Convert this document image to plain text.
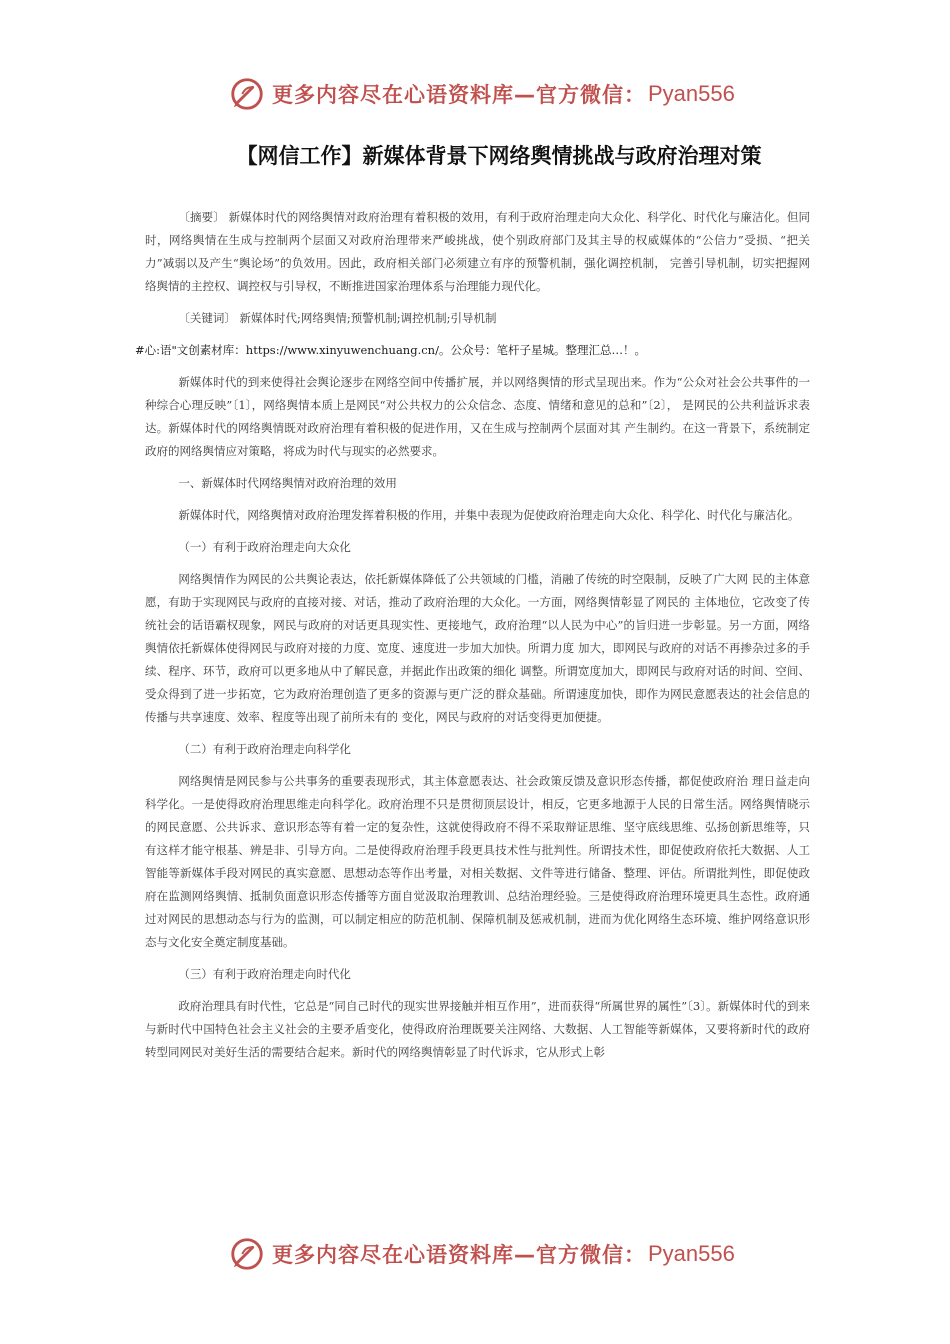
更多内容尽在心语资料库—官方微信： Pyan556
【网信工作】新媒体背景下网络舆情挑战与政府治理对策

〔摘要〕 新媒体时代的网络舆情对政府治理有着积极的效用，有利于政府治理走向大众化、科学化、时代化与廉洁化。但同时，网络舆情在生成与控制两个层面又对政府治理带来严峻挑战，使个别政府部门及其主导的权威媒体的“公信力”受损、“把关力”减弱以及产生“舆论场”的负效用。因此，政府相关部门必须建立有序的预警机制，强化调控机制， 完善引导机制，切实把握网络舆情的主控权、调控权与引导权，不断推进国家治理体系与治理能力现代化。

〔关键词〕 新媒体时代;网络舆情;预警机制;调控机制;引导机制

#心:语"文创素材库：https://www.xinyuwenchuang.cn/。公众号：笔杆子星城。整理汇总…！。

新媒体时代的到来使得社会舆论逐步在网络空间中传播扩展，并以网络舆情的形式呈现出来。作为“公众对社会公共事件的一种综合心理反映”〔1〕，网络舆情本质上是网民“对公共权力的公众信念、态度、情绪和意见的总和”〔2〕， 是网民的公共利益诉求表达。新媒体时代的网络舆情既对政府治理有着积极的促进作用，又在生成与控制两个层面对其 产生制约。在这一背景下，系统制定政府的网络舆情应对策略，将成为时代与现实的必然要求。

一、新媒体时代网络舆情对政府治理的效用

新媒体时代，网络舆情对政府治理发挥着积极的作用，并集中表现为促使政府治理走向大众化、科学化、时代化与廉洁化。

（一）有利于政府治理走向大众化

网络舆情作为网民的公共舆论表达，依托新媒体降低了公共领域的门槛，消融了传统的时空限制，反映了广大网 民的主体意愿，有助于实现网民与政府的直接对接、对话，推动了政府治理的大众化。一方面，网络舆情彰显了网民的 主体地位，它改变了传统社会的话语霸权现象，网民与政府的对话更具现实性、更接地气，政府治理“以人民为中心”的旨归进一步彰显。另一方面，网络舆情依托新媒体使得网民与政府对接的力度、宽度、速度进一步加大加快。所谓力度 加大，即网民与政府的对话不再掺杂过多的手续、程序、环节，政府可以更多地从中了解民意，并据此作出政策的细化 调整。所谓宽度加大，即网民与政府对话的时间、空间、受众得到了进一步拓宽，它为政府治理创造了更多的资源与更广泛的群众基础。所谓速度加快，即作为网民意愿表达的社会信息的传播与共享速度、效率、程度等出现了前所未有的 变化，网民与政府的对话变得更加便捷。

（二）有利于政府治理走向科学化

网络舆情是网民参与公共事务的重要表现形式，其主体意愿表达、社会政策反馈及意识形态传播，都促使政府治 理日益走向科学化。一是使得政府治理思维走向科学化。政府治理不只是贯彻顶层设计，相反，它更多地源于人民的日常生活。网络舆情晓示的网民意愿、公共诉求、意识形态等有着一定的复杂性，这就使得政府不得不采取辩证思维、坚守底线思维、弘扬创新思维等，只有这样才能守根基、辨是非、引导方向。二是使得政府治理手段更具技术性与批判性。所谓技术性，即促使政府依托大数据、人工智能等新媒体手段对网民的真实意愿、思想动态等作出考量，对相关数据、文件等进行储备、整理、评估。所谓批判性，即促使政府在监测网络舆情、抵制负面意识形态传播等方面自觉汲取治理教训、总结治理经验。三是使得政府治理环境更具生态性。政府通过对网民的思想动态与行为的监测，可以制定相应的防范机制、保障机制及惩戒机制，进而为优化网络生态环境、维护网络意识形态与文化安全奠定制度基础。

（三）有利于政府治理走向时代化

政府治理具有时代性，它总是“同自己时代的现实世界接触并相互作用”，进而获得“所属世界的属性”〔3〕。新媒体时代的到来与新时代中国特色社会主义社会的主要矛盾变化，使得政府治理既要关注网络、大数据、人工智能等新媒体，又要将新时代的政府转型同网民对美好生活的需要结合起来。新时代的网络舆情彰显了时代诉求，它从形式上彰

更多内容尽在心语资料库—官方微信： Pyan556
